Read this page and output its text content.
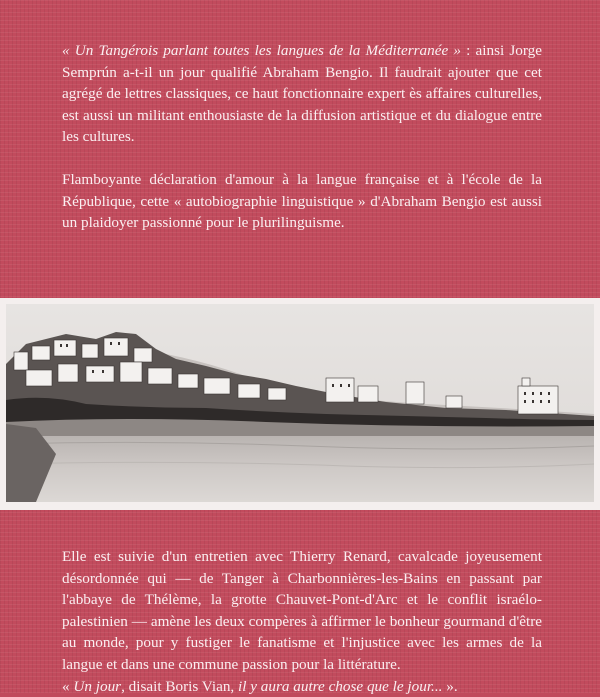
« Un Tangérois parlant toutes les langues de la Méditerranée » : ainsi Jorge Semprún a-t-il un jour qualifié Abraham Bengio. Il faudrait ajouter que cet agrégé de lettres classiques, ce haut fonctionnaire expert ès affaires culturelles, est aussi un militant enthousiaste de la diffusion artistique et du dialogue entre les cultures.

Flamboyante déclaration d'amour à la langue française et à l'école de la République, cette « autobiographie linguistique » d'Abraham Bengio est aussi un plaidoyer passionné pour le plurilinguisme.

Elle est suivie d'un entretien avec Thierry Renard, cavalcade joyeusement désordonnée qui — de Tanger à Charbonnières-les-Bains en passant par l'abbaye de Thélème, la grotte Chauvet-Pont-d'Arc et le conflit israélo-palestinien — amène les deux compères à affirmer le bonheur gourmand d'être au monde, pour y fustiger le fanatisme et l'injustice avec les armes de la langue et dans une commune passion pour la littérature.
« Un jour, disait Boris Vian, il y aura autre chose que le jour... ».
